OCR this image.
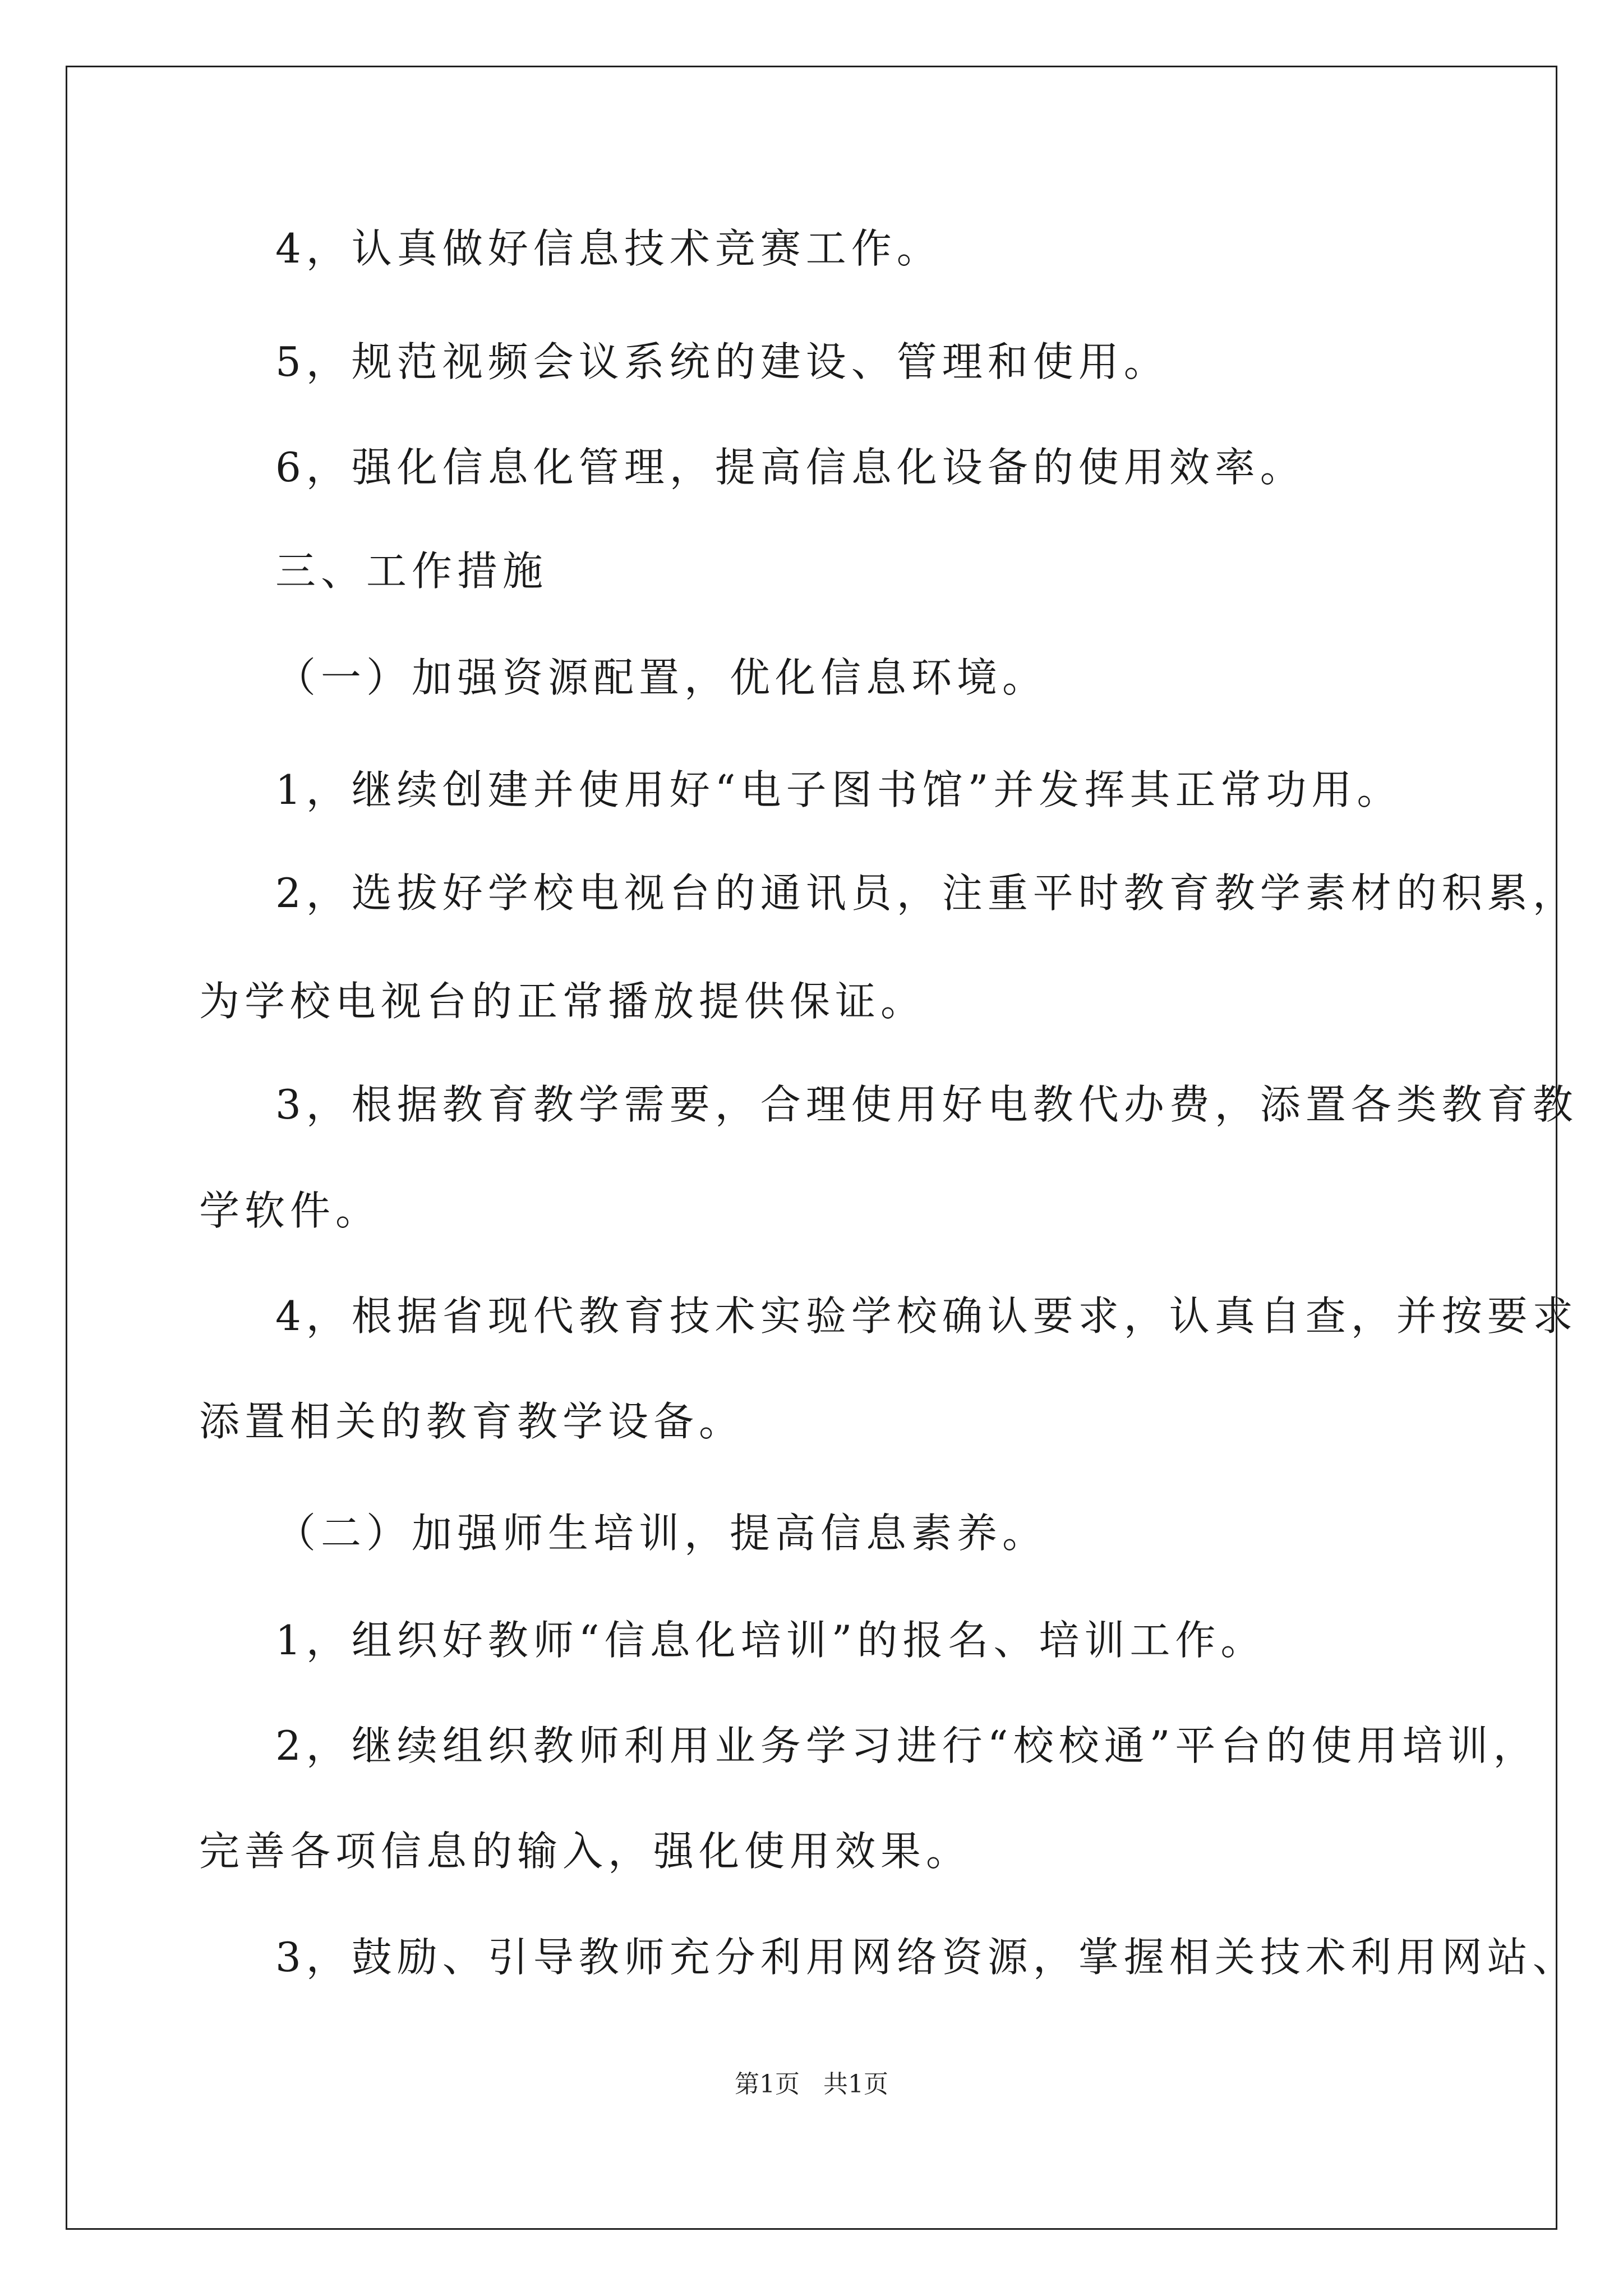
4，认真做好信息技术竞赛工作。
5，规范视频会议系统的建设、管理和使用。
6，强化信息化管理，提高信息化设备的使用效率。
三、工作措施
（一）加强资源配置，优化信息环境。
1，继续创建并使用好“电子图书馆”并发挥其正常功用。
2，选拔好学校电视台的通讯员，注重平时教育教学素材的积累，
为学校电视台的正常播放提供保证。
3，根据教育教学需要，合理使用好电教代办费，添置各类教育教
学软件。
4，根据省现代教育技术实验学校确认要求，认真自查，并按要求
添置相关的教育教学设备。
（二）加强师生培训，提高信息素养。
1，组织好教师“信息化培训”的报名、培训工作。
2，继续组织教师利用业务学习进行“校校通”平台的使用培训，
完善各项信息的输入，强化使用效果。
3，鼓励、引导教师充分利用网络资源，掌握相关技术利用网站、
第1页 共1页
